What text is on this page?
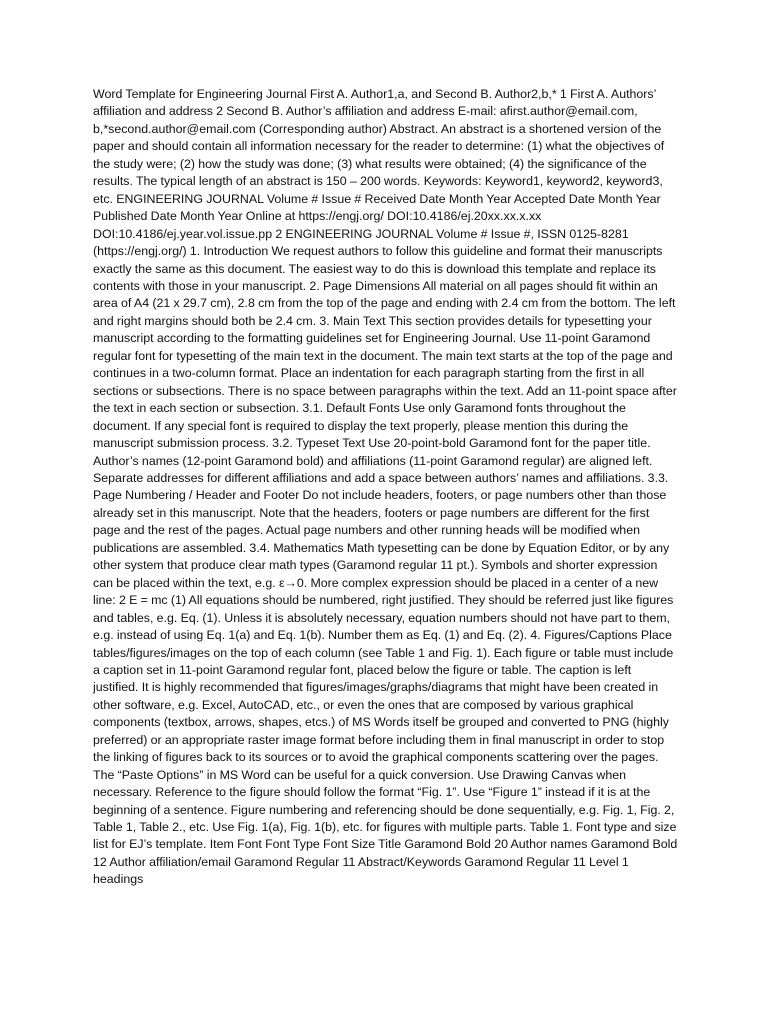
Word Template for Engineering Journal First A. Author1,a, and Second B. Author2,b,* 1 First A. Authors’ affiliation and address 2 Second B. Author’s affiliation and address E-mail: afirst.author@email.com, b,*second.author@email.com (Corresponding author) Abstract. An abstract is a shortened version of the paper and should contain all information necessary for the reader to determine: (1) what the objectives of the study were; (2) how the study was done; (3) what results were obtained; (4) the significance of the results. The typical length of an abstract is 150 – 200 words. Keywords: Keyword1, keyword2, keyword3, etc. ENGINEERING JOURNAL Volume # Issue # Received Date Month Year Accepted Date Month Year Published Date Month Year Online at https://engj.org/ DOI:10.4186/ej.20xx.xx.x.xx DOI:10.4186/ej.year.vol.issue.pp 2 ENGINEERING JOURNAL Volume # Issue #, ISSN 0125-8281 (https://engj.org/) 1. Introduction We request authors to follow this guideline and format their manuscripts exactly the same as this document. The easiest way to do this is download this template and replace its contents with those in your manuscript. 2. Page Dimensions All material on all pages should fit within an area of A4 (21 x 29.7 cm), 2.8 cm from the top of the page and ending with 2.4 cm from the bottom. The left and right margins should both be 2.4 cm. 3. Main Text This section provides details for typesetting your manuscript according to the formatting guidelines set for Engineering Journal. Use 11-point Garamond regular font for typesetting of the main text in the document. The main text starts at the top of the page and continues in a two-column format. Place an indentation for each paragraph starting from the first in all sections or subsections. There is no space between paragraphs within the text. Add an 11-point space after the text in each section or subsection. 3.1. Default Fonts Use only Garamond fonts throughout the document. If any special font is required to display the text properly, please mention this during the manuscript submission process. 3.2. Typeset Text Use 20-point-bold Garamond font for the paper title. Author’s names (12-point Garamond bold) and affiliations (11-point Garamond regular) are aligned left. Separate addresses for different affiliations and add a space between authors’ names and affiliations. 3.3. Page Numbering / Header and Footer Do not include headers, footers, or page numbers other than those already set in this manuscript. Note that the headers, footers or page numbers are different for the first page and the rest of the pages. Actual page numbers and other running heads will be modified when publications are assembled. 3.4. Mathematics Math typesetting can be done by Equation Editor, or by any other system that produce clear math types (Garamond regular 11 pt.). Symbols and shorter expression can be placed within the text, e.g. ε→0. More complex expression should be placed in a center of a new line: 2 E = mc (1) All equations should be numbered, right justified. They should be referred just like figures and tables, e.g. Eq. (1). Unless it is absolutely necessary, equation numbers should not have part to them, e.g. instead of using Eq. 1(a) and Eq. 1(b). Number them as Eq. (1) and Eq. (2). 4. Figures/Captions Place tables/figures/images on the top of each column (see Table 1 and Fig. 1). Each figure or table must include a caption set in 11-point Garamond regular font, placed below the figure or table. The caption is left justified. It is highly recommended that figures/images/graphs/diagrams that might have been created in other software, e.g. Excel, AutoCAD, etc., or even the ones that are composed by various graphical components (textbox, arrows, shapes, etcs.) of MS Words itself be grouped and converted to PNG (highly preferred) or an appropriate raster image format before including them in final manuscript in order to stop the linking of figures back to its sources or to avoid the graphical components scattering over the pages. The “Paste Options” in MS Word can be useful for a quick conversion. Use Drawing Canvas when necessary. Reference to the figure should follow the format “Fig. 1”. Use “Figure 1” instead if it is at the beginning of a sentence. Figure numbering and referencing should be done sequentially, e.g. Fig. 1, Fig. 2, Table 1, Table 2., etc. Use Fig. 1(a), Fig. 1(b), etc. for figures with multiple parts. Table 1. Font type and size list for EJ’s template. Item Font Font Type Font Size Title Garamond Bold 20 Author names Garamond Bold 12 Author affiliation/email Garamond Regular 11 Abstract/Keywords Garamond Regular 11 Level 1 headings
